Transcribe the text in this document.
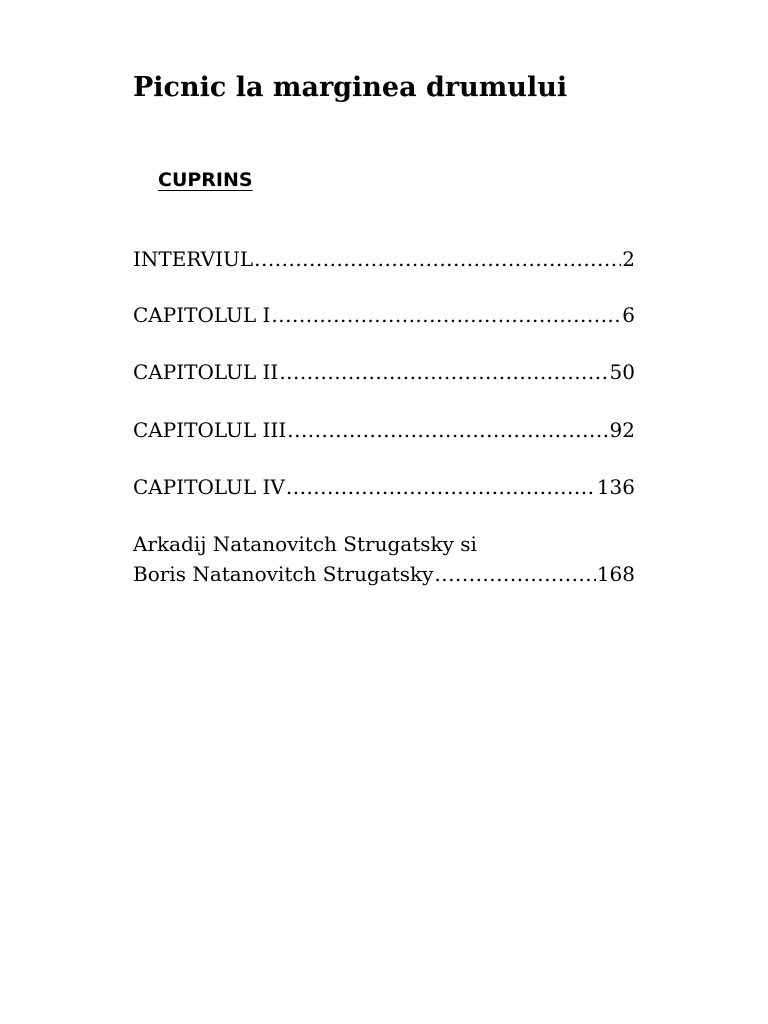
Picnic la marginea drumului
CUPRINS
INTERVIUL .....	2
CAPITOLUL I .....	6
CAPITOLUL II .....	50
CAPITOLUL III .....	92
CAPITOLUL IV .....	136
Arkadij Natanovitch Strugatsky si
Boris Natanovitch Strugatsky .....	168
